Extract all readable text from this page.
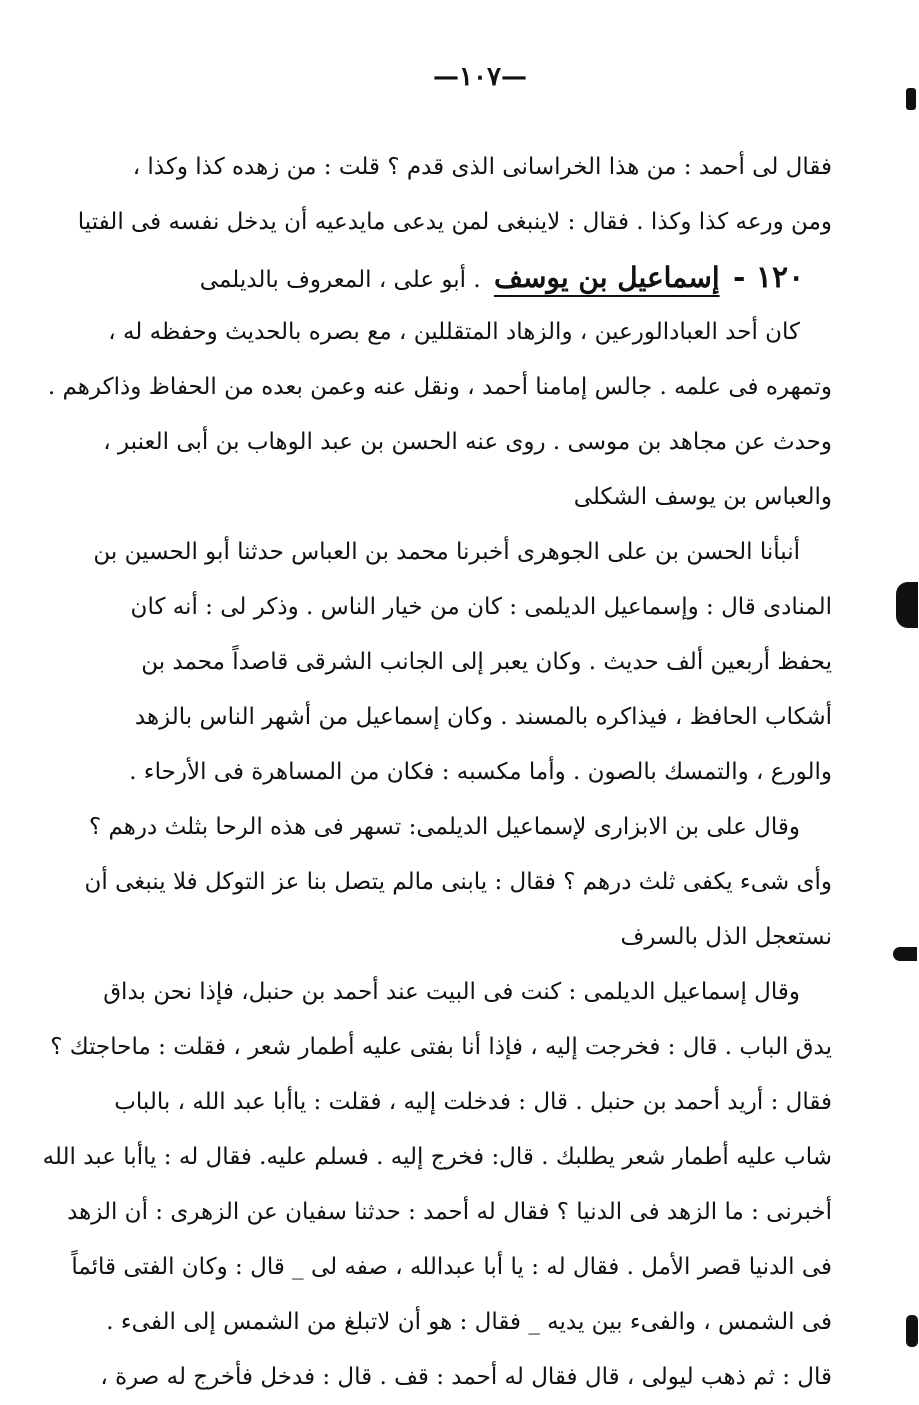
—١٠٧—
فقال لى أحمد : من هذا الخراسانى الذى قدم ؟ قلت : من زهده كذا وكذا ،
ومن ورعه كذا وكذا . فقال : لاينبغى لمن يدعى مايدعيه أن يدخل نفسه فى الفتيا
١٢٠ - إسماعيل بن يوسف . أبو على ، المعروف بالديلمى
كان أحد العبادالورعين ، والزهاد المتقللين ، مع بصره بالحديث وحفظه له ،
وتمهره فى علمه . جالس إمامنا أحمد ، ونقل عنه وعمن بعده من الحفاظ وذاكرهم .
وحدث عن مجاهد بن موسى . روى عنه الحسن بن عبد الوهاب بن أبى العنبر ،
والعباس بن يوسف الشكلى
أنبأنا الحسن بن على الجوهرى أخبرنا محمد بن العباس حدثنا أبو الحسين بن
المنادى قال : وإسماعيل الديلمى : كان من خيار الناس . وذكر لى : أنه كان
يحفظ أربعين ألف حديث . وكان يعبر إلى الجانب الشرقى قاصداً محمد بن
أشكاب الحافظ ، فيذاكره بالمسند . وكان إسماعيل من أشهر الناس بالزهد
والورع ، والتمسك بالصون . وأما مكسبه : فكان من المساهرة فى الأرحاء .
وقال على بن الابزارى لإسماعيل الديلمى: تسهر فى هذه الرحا بثلث درهم ؟
وأى شىء يكفى ثلث درهم ؟ فقال : يابنى مالم يتصل بنا عز التوكل فلا ينبغى أن
نستعجل الذل بالسرف
وقال إسماعيل الديلمى : كنت فى البيت عند أحمد بن حنبل، فإذا نحن بداق
يدق الباب . قال : فخرجت إليه ، فإذا أنا بفتى عليه أطمار شعر ، فقلت : ماحاجتك ؟
فقال : أريد أحمد بن حنبل . قال : فدخلت إليه ، فقلت : ياأبا عبد الله ، بالباب
شاب عليه أطمار شعر يطلبك . قال: فخرج إليه . فسلم عليه. فقال له : ياأبا عبد الله
أخبرنى : ما الزهد فى الدنيا ؟ فقال له أحمد : حدثنا سفيان عن الزهرى : أن الزهد
فى الدنيا قصر الأمل . فقال له : يا أبا عبدالله ، صفه لى _ قال : وكان الفتى قائماً
فى الشمس ، والفىء بين يديه _ فقال : هو أن لاتبلغ من الشمس إلى الفىء .
قال : ثم ذهب ليولى ، قال فقال له أحمد : قف . قال : فدخل فأخرج له صرة ،
